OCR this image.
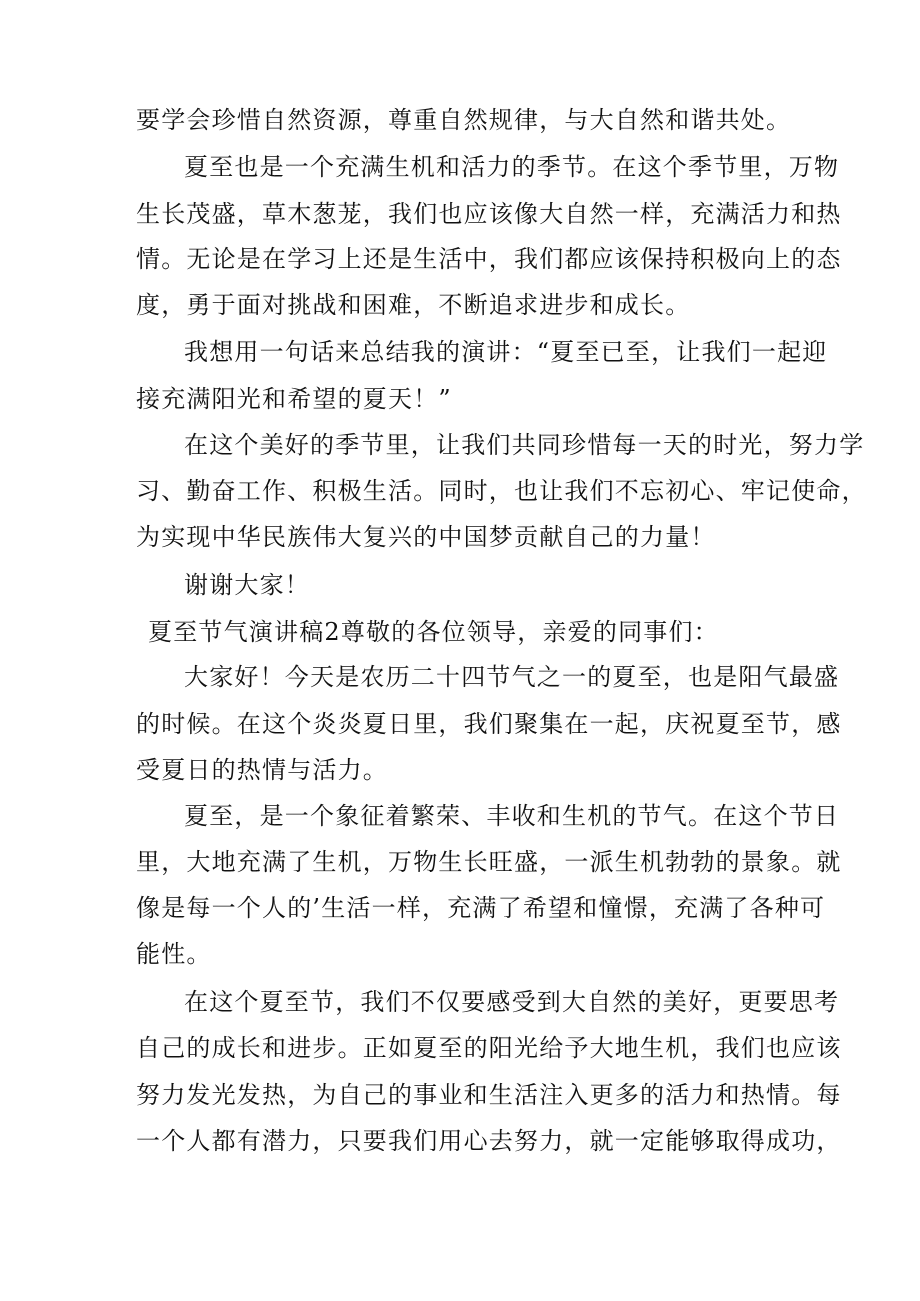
要学会珍惜自然资源，尊重自然规律，与大自然和谐共处。
夏至也是一个充满生机和活力的季节。在这个季节里，万物
生长茂盛，草木葱茏，我们也应该像大自然一样，充满活力和热
情。无论是在学习上还是生活中，我们都应该保持积极向上的态
度，勇于面对挑战和困难，不断追求进步和成长。
我想用一句话来总结我的演讲：“夏至已至，让我们一起迎
接充满阳光和希望的夏天！”
在这个美好的季节里，让我们共同珍惜每一天的时光，努力学
习、勤奋工作、积极生活。同时，也让我们不忘初心、牢记使命，
为实现中华民族伟大复兴的中国梦贡献自己的力量！
谢谢大家！
夏至节气演讲稿2尊敬的各位领导，亲爱的同事们：
大家好！今天是农历二十四节气之一的夏至，也是阳气最盛
的时候。在这个炎炎夏日里，我们聚集在一起，庆祝夏至节，感
受夏日的热情与活力。
夏至，是一个象征着繁荣、丰收和生机的节气。在这个节日
里，大地充满了生机，万物生长旺盛，一派生机勃勃的景象。就
像是每一个人的’生活一样，充满了希望和憧憬，充满了各种可
能性。
在这个夏至节，我们不仅要感受到大自然的美好，更要思考
自己的成长和进步。正如夏至的阳光给予大地生机，我们也应该
努力发光发热，为自己的事业和生活注入更多的活力和热情。每
一个人都有潜力，只要我们用心去努力，就一定能够取得成功，
